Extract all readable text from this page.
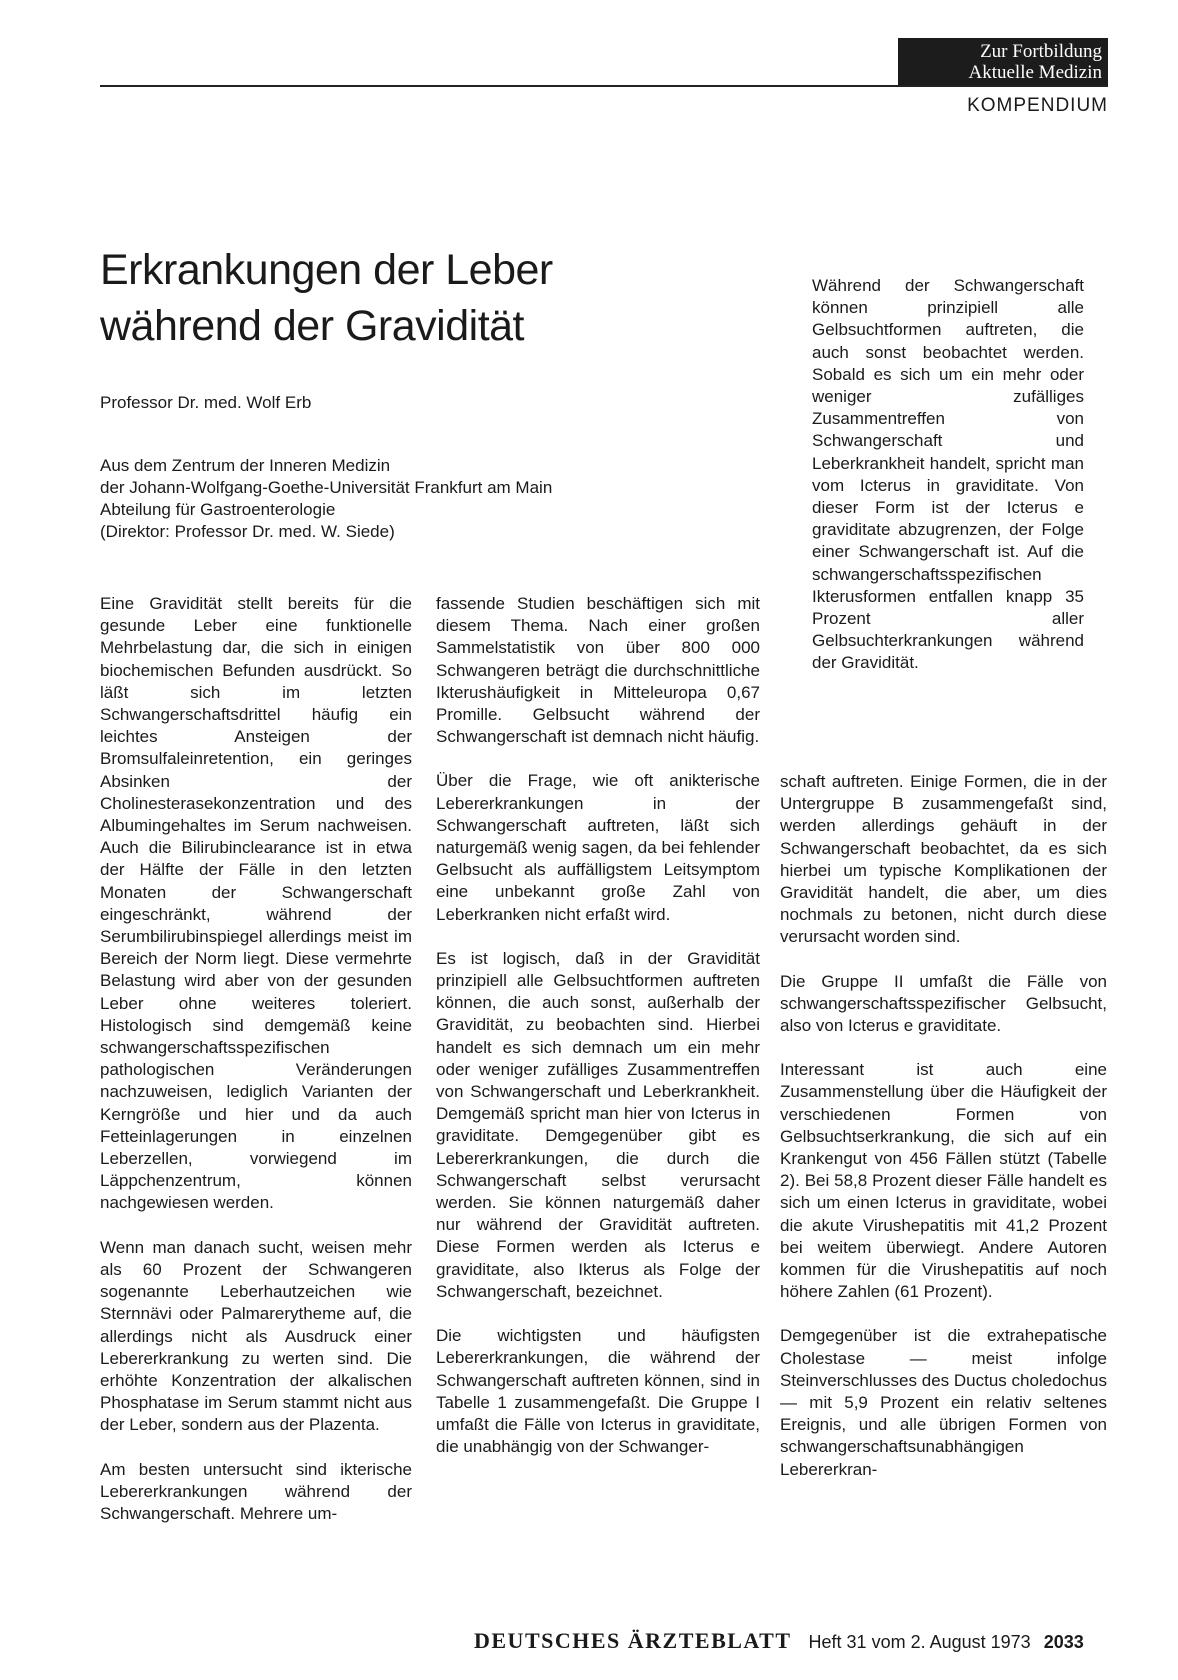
Zur Fortbildung
Aktuelle Medizin
KOMPENDIUM
Erkrankungen der Leber während der Gravidität
Professor Dr. med. Wolf Erb
Aus dem Zentrum der Inneren Medizin
der Johann-Wolfgang-Goethe-Universität Frankfurt am Main
Abteilung für Gastroenterologie
(Direktor: Professor Dr. med. W. Siede)

Während der Schwangerschaft können prinzipiell alle Gelbsuchtformen auftreten, die auch sonst beobachtet werden. Sobald es sich um ein mehr oder weniger zufälliges Zusammentreffen von Schwangerschaft und Leberkrankheit handelt, spricht man vom Icterus in graviditate. Von dieser Form ist der Icterus e graviditate abzugrenzen, der Folge einer Schwangerschaft ist. Auf die schwangerschaftsspezifischen Ikterusformen entfallen knapp 35 Prozent aller Gelbsuchterkrankungen während der Gravidität.

Eine Gravidität stellt bereits für die gesunde Leber eine funktionelle Mehrbelastung dar, die sich in einigen biochemischen Befunden ausdrückt. So läßt sich im letzten Schwangerschaftsdrittel häufig ein leichtes Ansteigen der Bromsulfaleinretention, ein geringes Absinken der Cholinesterasekonzentration und des Albumingehaltes im Serum nachweisen. Auch die Bilirubinclearance ist in etwa der Hälfte der Fälle in den letzten Monaten der Schwangerschaft eingeschränkt, während der Serumbilirubinspiegel allerdings meist im Bereich der Norm liegt. Diese vermehrte Belastung wird aber von der gesunden Leber ohne weiteres toleriert. Histologisch sind demgemäß keine schwangerschaftsspezifischen pathologischen Veränderungen nachzuweisen, lediglich Varianten der Kerngröße und hier und da auch Fetteinlagerungen in einzelnen Leberzellen, vorwiegend im Läppchenzentrum, können nachgewiesen werden.

Wenn man danach sucht, weisen mehr als 60 Prozent der Schwangeren sogenannte Leberhautzeichen wie Sternnävi oder Palmarerytheme auf, die allerdings nicht als Ausdruck einer Lebererkrankung zu werten sind. Die erhöhte Konzentration der alkalischen Phosphatase im Serum stammt nicht aus der Leber, sondern aus der Plazenta.

Am besten untersucht sind ikterische Lebererkrankungen während der Schwangerschaft. Mehrere um-

fassende Studien beschäftigen sich mit diesem Thema. Nach einer großen Sammelstatistik von über 800 000 Schwangeren beträgt die durchschnittliche Ikterushäufigkeit in Mitteleuropa 0,67 Promille. Gelbsucht während der Schwangerschaft ist demnach nicht häufig.

Über die Frage, wie oft anikterische Lebererkrankungen in der Schwangerschaft auftreten, läßt sich naturgemäß wenig sagen, da bei fehlender Gelbsucht als auffälligstem Leitsymptom eine unbekannt große Zahl von Leberkranken nicht erfaßt wird.

Es ist logisch, daß in der Gravidität prinzipiell alle Gelbsuchtformen auftreten können, die auch sonst, außerhalb der Gravidität, zu beobachten sind. Hierbei handelt es sich demnach um ein mehr oder weniger zufälliges Zusammentreffen von Schwangerschaft und Leberkrankheit. Demgemäß spricht man hier von Icterus in graviditate. Demgegenüber gibt es Lebererkrankungen, die durch die Schwangerschaft selbst verursacht werden. Sie können naturgemäß daher nur während der Gravidität auftreten. Diese Formen werden als Icterus e graviditate, also Ikterus als Folge der Schwangerschaft, bezeichnet.

Die wichtigsten und häufigsten Lebererkrankungen, die während der Schwangerschaft auftreten können, sind in Tabelle 1 zusammengefaßt. Die Gruppe I umfaßt die Fälle von Icterus in graviditate, die unabhängig von der Schwanger-

schaft auftreten. Einige Formen, die in der Untergruppe B zusammengefaßt sind, werden allerdings gehäuft in der Schwangerschaft beobachtet, da es sich hierbei um typische Komplikationen der Gravidität handelt, die aber, um dies nochmals zu betonen, nicht durch diese verursacht worden sind.

Die Gruppe II umfaßt die Fälle von schwangerschaftsspezifischer Gelbsucht, also von Icterus e graviditate.

Interessant ist auch eine Zusammenstellung über die Häufigkeit der verschiedenen Formen von Gelbsuchtserkrankung, die sich auf ein Krankengut von 456 Fällen stützt (Tabelle 2). Bei 58,8 Prozent dieser Fälle handelt es sich um einen Icterus in graviditate, wobei die akute Virushepatitis mit 41,2 Prozent bei weitem überwiegt. Andere Autoren kommen für die Virushepatitis auf noch höhere Zahlen (61 Prozent).

Demgegenüber ist die extrahepatische Cholestase — meist infolge Steinverschlusses des Ductus choledochus — mit 5,9 Prozent ein relativ seltenes Ereignis, und alle übrigen Formen von schwangerschaftsunabhängigen Lebererkran-

DEUTSCHES ÄRZTEBLATT Heft 31 vom 2. August 1973 2033
